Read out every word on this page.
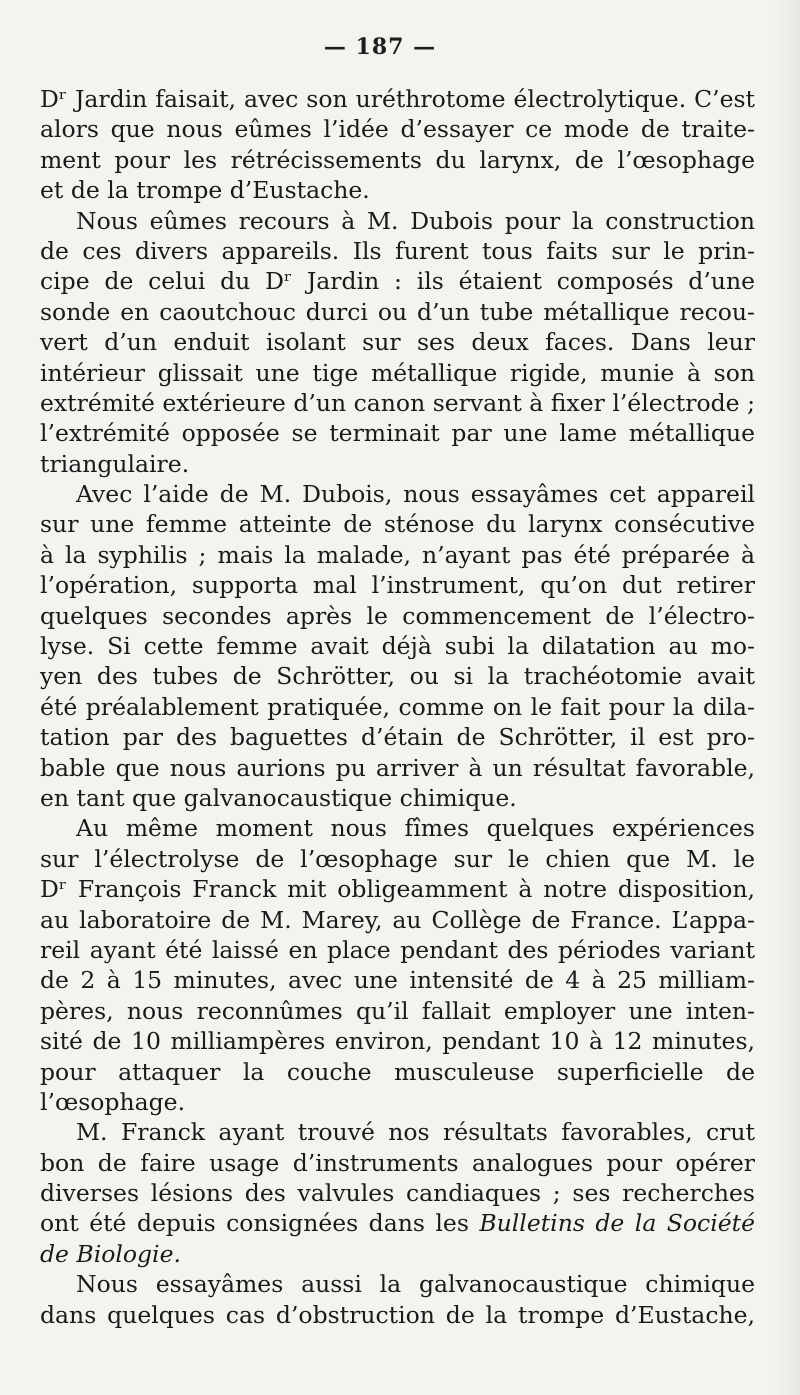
— 187 —
Dʳ Jardin faisait, avec son uréthrotome électrolytique. C’est
alors que nous eûmes l’idée d’essayer ce mode de traite-
ment pour les rétrécissements du larynx, de l’œsophage
et de la trompe d’Eustache.
Nous eûmes recours à M. Dubois pour la construction
de ces divers appareils. Ils furent tous faits sur le prin-
cipe de celui du Dʳ Jardin : ils étaient composés d’une
sonde en caoutchouc durci ou d’un tube métallique recou-
vert d’un enduit isolant sur ses deux faces. Dans leur
intérieur glissait une tige métallique rigide, munie à son
extrémité extérieure d’un canon servant à fixer l’électrode ;
l’extrémité opposée se terminait par une lame métallique
triangulaire.
Avec l’aide de M. Dubois, nous essayâmes cet appareil
sur une femme atteinte de sténose du larynx consécutive
à la syphilis ; mais la malade, n’ayant pas été préparée à
l’opération, supporta mal l’instrument, qu’on dut retirer
quelques secondes après le commencement de l’électro-
lyse. Si cette femme avait déjà subi la dilatation au mo-
yen des tubes de Schrötter, ou si la trachéotomie avait
été préalablement pratiquée, comme on le fait pour la dila-
tation par des baguettes d’étain de Schrötter, il est pro-
bable que nous aurions pu arriver à un résultat favorable,
en tant que galvanocaustique chimique.
Au même moment nous fîmes quelques expériences
sur l’électrolyse de l’œsophage sur le chien que M. le
Dʳ François Franck mit obligeamment à notre disposition,
au laboratoire de M. Marey, au Collège de France. L’appa-
reil ayant été laissé en place pendant des périodes variant
de 2 à 15 minutes, avec une intensité de 4 à 25 milliam-
pères, nous reconnûmes qu’il fallait employer une inten-
sité de 10 milliampères environ, pendant 10 à 12 minutes,
pour attaquer la couche musculeuse superficielle de
l’œsophage.
M. Franck ayant trouvé nos résultats favorables, crut
bon de faire usage d’instruments analogues pour opérer
diverses lésions des valvules candiaques ; ses recherches
ont été depuis consignées dans les Bulletins de la Société
de Biologie.
Nous essayâmes aussi la galvanocaustique chimique
dans quelques cas d’obstruction de la trompe d’Eustache,
